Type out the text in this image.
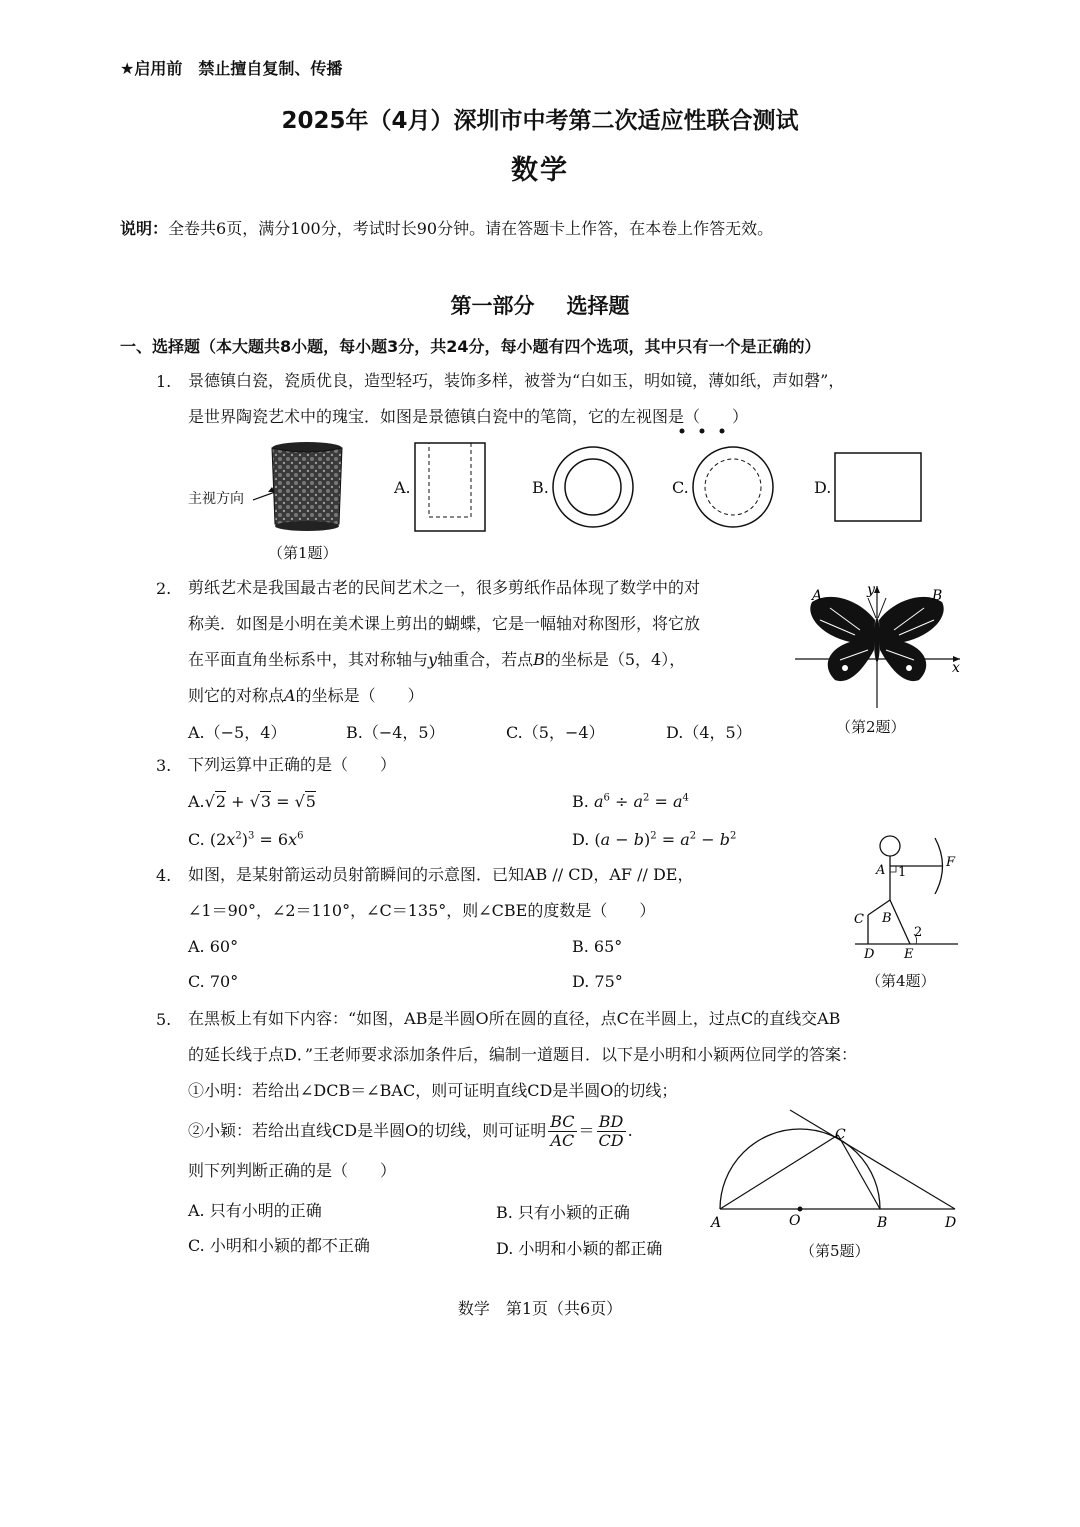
★启用前　禁止擅自复制、传播
2025年（4月）深圳市中考第二次适应性联合测试
数学
说明：全卷共6页，满分100分，考试时长90分钟。请在答题卡上作答，在本卷上作答无效。
第一部分 选择题
一、选择题（本大题共8小题，每小题3分，共24分，每小题有四个选项，其中只有一个是正确的）
1. 景德镇白瓷，瓷质优良，造型轻巧，装饰多样，被誉为“白如玉，明如镜，薄如纸，声如磬”，
是世界陶瓷艺术中的瑰宝．如图是景德镇白瓷中的笔筒，它的左视图是（　　）
主视方向
（第1题）
A.	B.	C.	D.
2. 剪纸艺术是我国最古老的民间艺术之一，很多剪纸作品体现了数学中的对
称美．如图是小明在美术课上剪出的蝴蝶，它是一幅轴对称图形，将它放
在平面直角坐标系中，其对称轴与y轴重合，若点B的坐标是（5，4），
则它的对称点A的坐标是（　　）
A.（−5，4）	B.（−4，5）	C.（5，−4）	D.（4，5）
A	B
x
y
（第2题）
3. 下列运算中正确的是（　　）
A.√2 + √3 = √5	B. $a^6 \div a^2 = a^4$
C. $(2x^2)^3 = 6x^6$	D. $(a - b)^2 = a^2 - b^2$
4. 如图，是某射箭运动员射箭瞬间的示意图．已知AB // CD，AF // DE，
∠1＝90°，∠2＝110°，∠C＝135°，则∠CBE的度数是（　　）
A. 60°	B. 65°
C. 70°	D. 75°
A 1
F
B
C
2
D E
（第4题）
5. 在黑板上有如下内容：“如图，AB是半圆O所在圆的直径，点C在半圆上，过点C的直线交AB
的延长线于点D．”王老师要求添加条件后，编制一道题目．以下是小明和小颖两位同学的答案：
①小明：若给出∠DCB＝∠BAC，则可证明直线CD是半圆O的切线；
②小颖：若给出直线CD是半圆O的切线，则可证明 $\frac{BC}{AC} = \frac{BD}{CD}$ .
则下列判断正确的是（　　）
A. 只有小明的正确	B. 只有小颖的正确
C. 小明和小颖的都不正确	D. 小明和小颖的都正确
A	O	B	D
C
（第5题）
数学　第1页（共6页）
